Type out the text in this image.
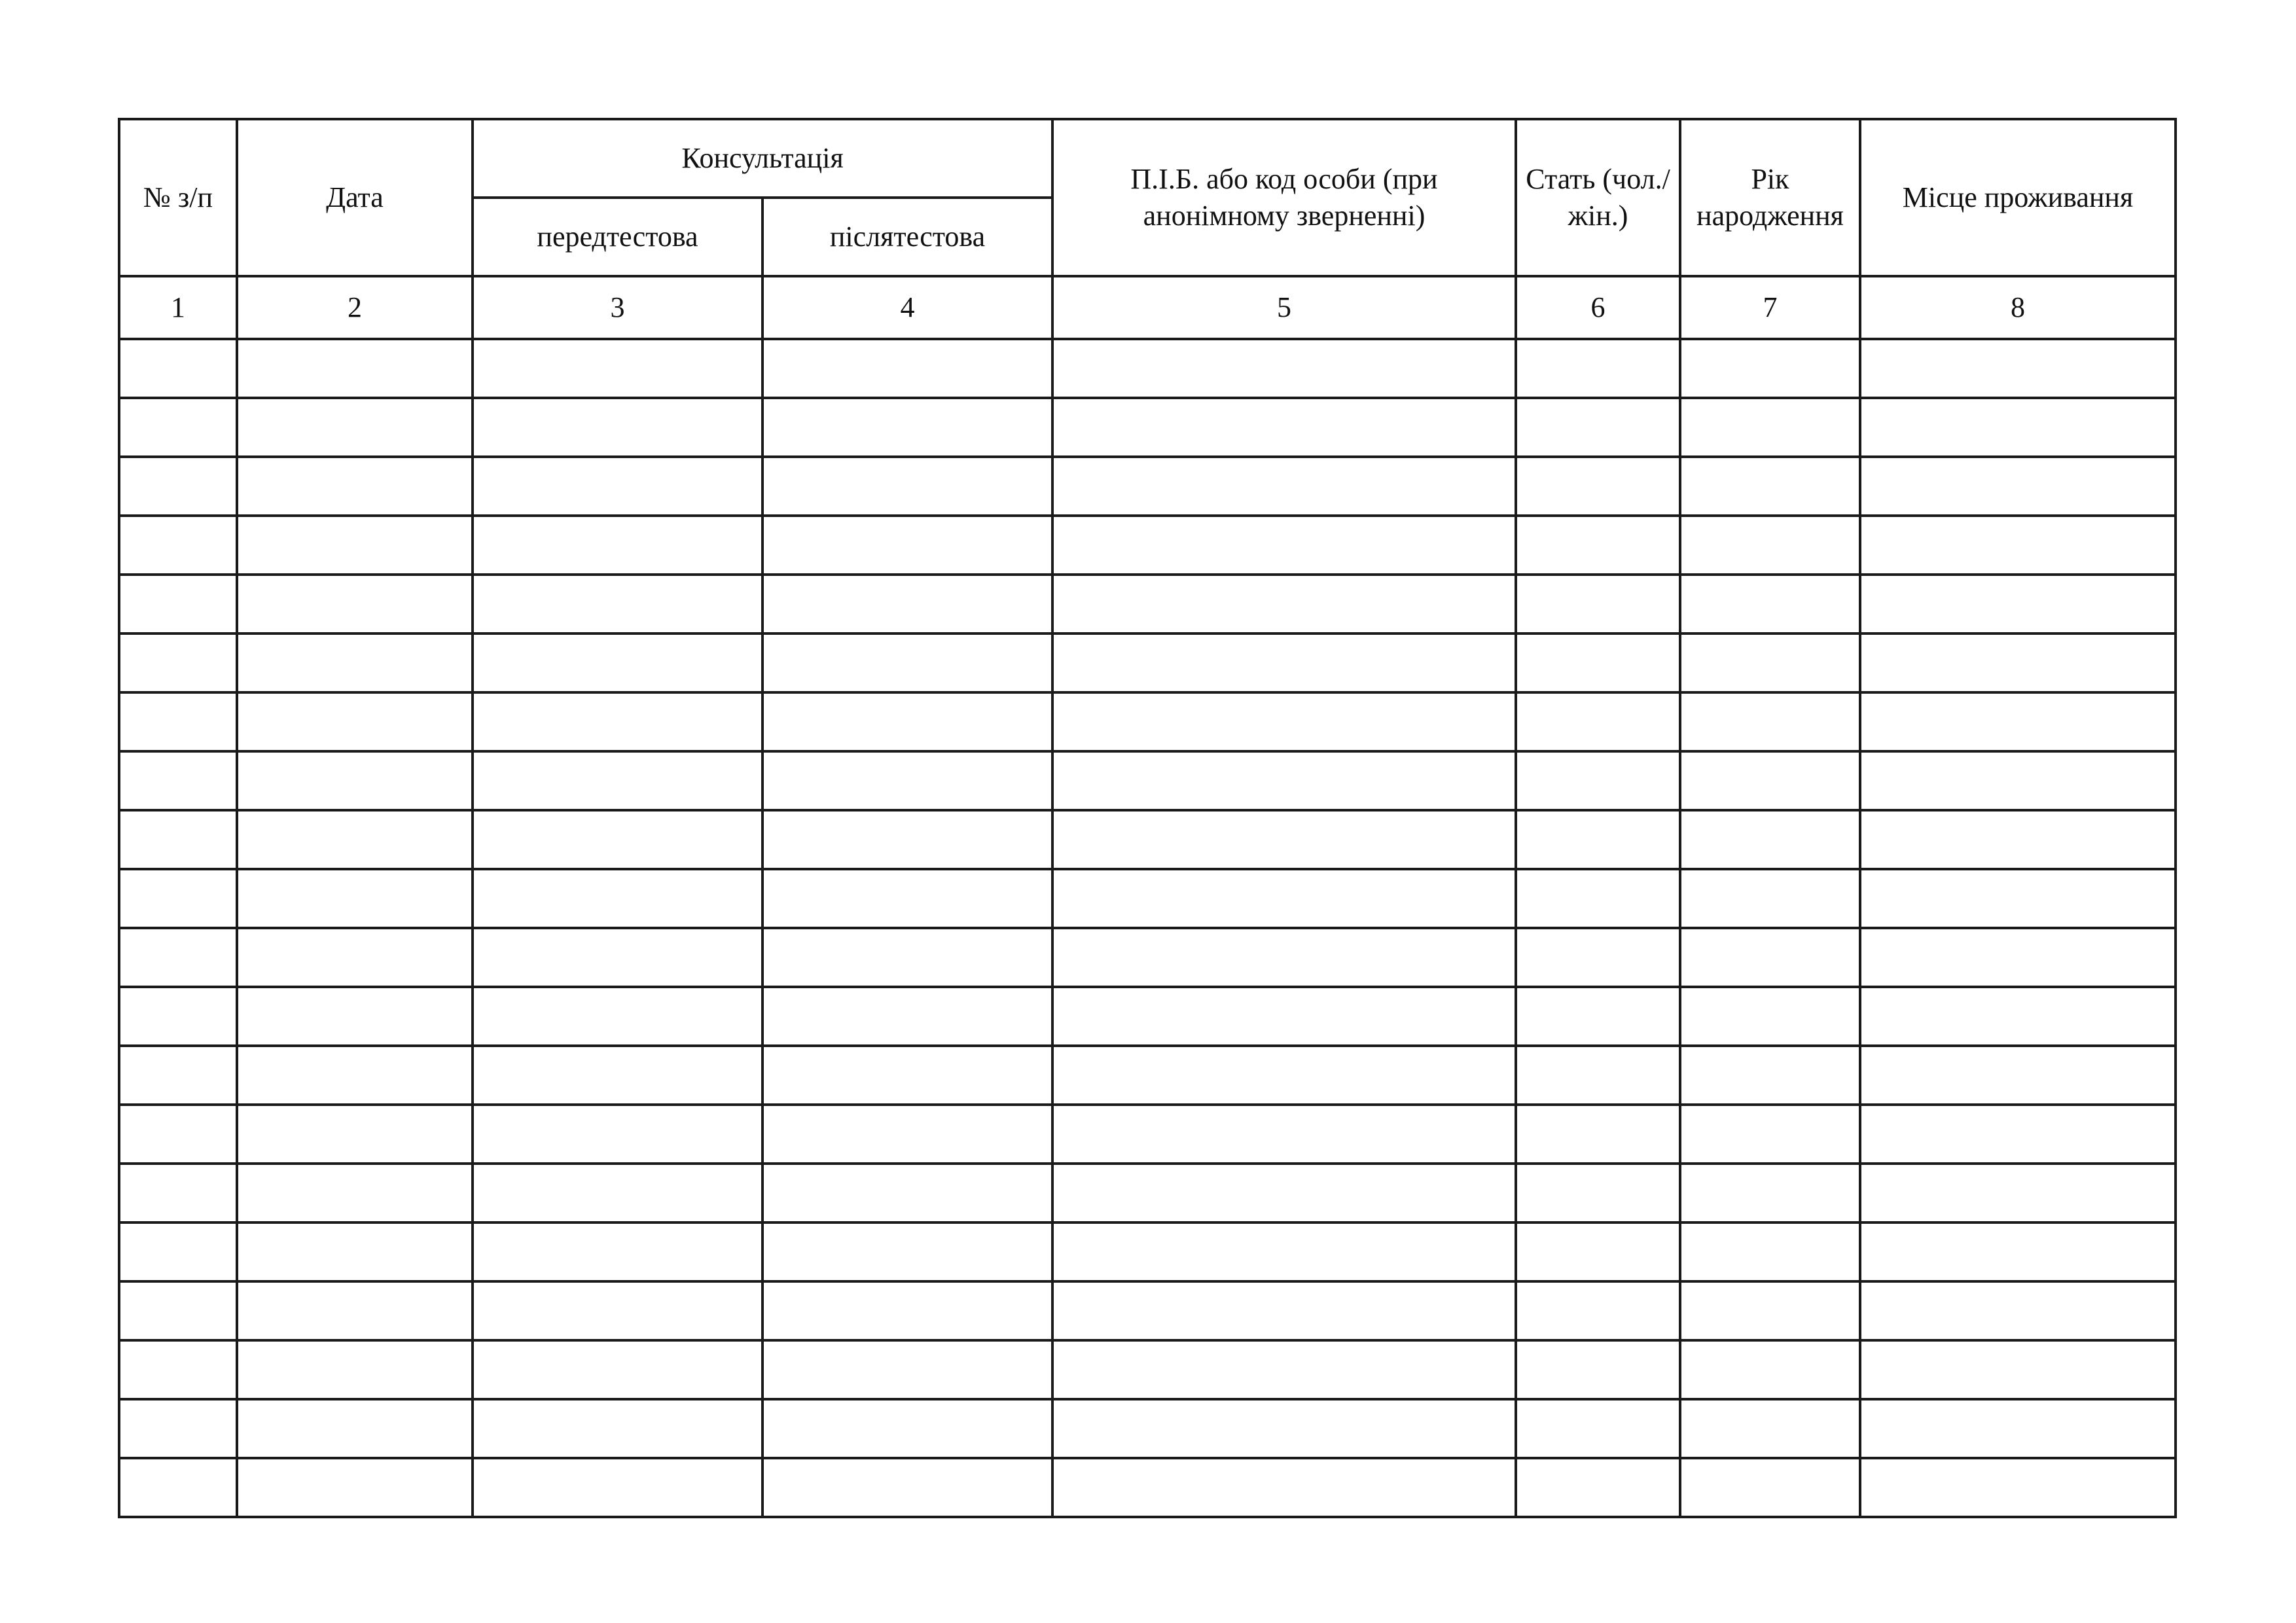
№ з/п	Дата	Консультація		П.І.Б. або код особи (при анонімному зверненні)	Стать (чол./жін.)	Рік народження	Місце проживання
		передтестова	післятестова				
1	2	3	4	5	6	7	8
